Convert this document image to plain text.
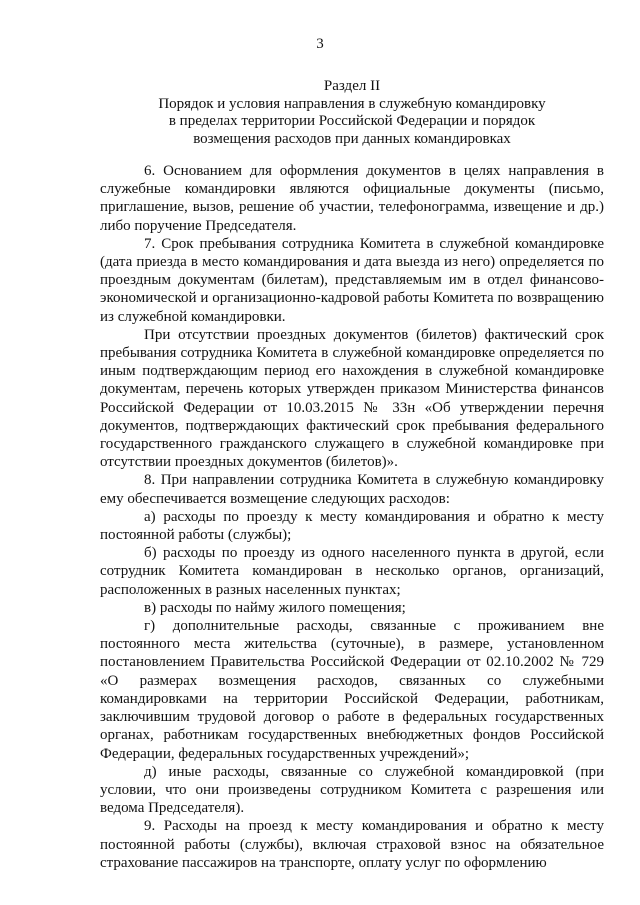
3
Раздел II
Порядок и условия направления в служебную командировку
в пределах территории Российской Федерации и порядок
возмещения расходов при данных командировках

6. Основанием для оформления документов в целях направления в служебные командировки являются официальные документы (письмо, приглашение, вызов, решение об участии, телефонограмма, извещение и др.) либо поручение Председателя.

7. Срок пребывания сотрудника Комитета в служебной командировке (дата приезда в место командирования и дата выезда из него) определяется по проездным документам (билетам), представляемым им в отдел финансово-экономической и организационно-кадровой работы Комитета по возвращению из служебной командировки.

При отсутствии проездных документов (билетов) фактический срок пребывания сотрудника Комитета в служебной командировке определяется по иным подтверждающим период его нахождения в служебной командировке документам, перечень которых утвержден приказом Министерства финансов Российской Федерации от 10.03.2015 № 33н «Об утверждении перечня документов, подтверждающих фактический срок пребывания федерального государственного гражданского служащего в служебной командировке при отсутствии проездных документов (билетов)».

8. При направлении сотрудника Комитета в служебную командировку ему обеспечивается возмещение следующих расходов:

а) расходы по проезду к месту командирования и обратно к месту постоянной работы (службы);

б) расходы по проезду из одного населенного пункта в другой, если сотрудник Комитета командирован в несколько органов, организаций, расположенных в разных населенных пунктах;

в) расходы по найму жилого помещения;

г) дополнительные расходы, связанные с проживанием вне постоянного места жительства (суточные), в размере, установленном постановлением Правительства Российской Федерации от 02.10.2002 № 729 «О размерах возмещения расходов, связанных со служебными командировками на территории Российской Федерации, работникам, заключившим трудовой договор о работе в федеральных государственных органах, работникам государственных внебюджетных фондов Российской Федерации, федеральных государственных учреждений»;

д) иные расходы, связанные со служебной командировкой (при условии, что они произведены сотрудником Комитета с разрешения или ведома Председателя).

9. Расходы на проезд к месту командирования и обратно к месту постоянной работы (службы), включая страховой взнос на обязательное страхование пассажиров на транспорте, оплату услуг по оформлению
